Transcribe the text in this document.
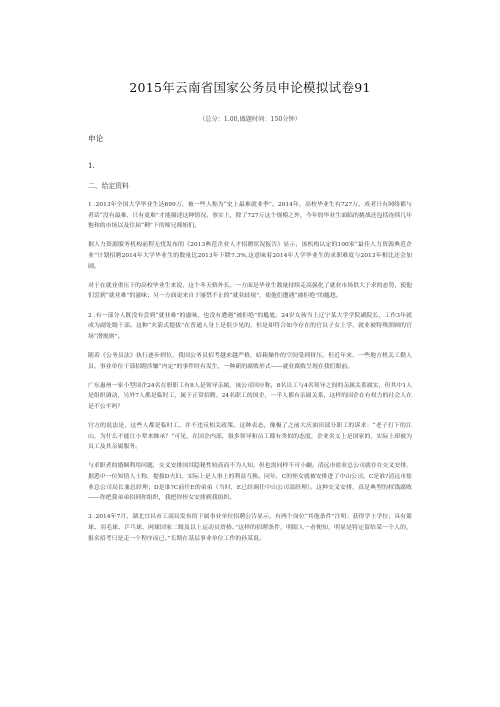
2015年云南省国家公务员申论模拟试卷91
（总分：1.00,做题时间：150分钟）
申论
1.
二、给定资料

1 .2013年全国大学毕业生达699万，被一些人称为“史上最难就业季”。2014年，高校毕业生有727万，成者只有网络都与者话“没有最难，只有更难”才能描述这种情况。事实上，除了727万这个规模之外，今年的毕业生面临的挑战还包括连续几年饱和的市场以及往届“剩”下的师兄师姐们。

据人力资源服务机构前程无忧发布的《2013典范企业人才招聘状况报告》显示，该机构认定的100家“最佳人力资源典范企业”计划招聘2014年大学毕业生的数量比2013年下降7.3%,这意味着2014年大学毕业生的求职难度与2013年相比还会加剧。

对于在就业重压下的高校毕业生来说，这个冬天格外长。一方面是毕业生数量持续走高强化了就业市场供大于求的态势，使他们尝到“就业难”的滋味；另一方面更来自于屡禁不止的“就业歧视”，使他们遭遇“被拒绝”的尴尬。

2 .有一部分人既没有尝到“就业难”的滋味，也没有遭遇“被拒绝”的尴尬。24岁女孩当上辽宁某大学学院副院长，工作3年就成为副处级干部。这种“火箭式提拔”在普通人身上是很少见的，但是却符合如今存在的官员子女上学、就业被特殊照顾的官场“潜规则”。

随着《公务员法》执行逐步到位，我国公务员招考越来越严格，暗箱操作的空间受到挤压。但近年来，一些地方机关工勤人员、事业单位干部招聘涉嫌“内定”的事件时有发生，一种新的腐败形式——就业腐败呈现在我们眼前。

广东惠州一家小型国企24名在册职工有8人是领导亲属，该公司回应称，8名员工与4名领导之间的亲属关系属实，但其中1人是组织调动，另外7人都是临时工，属于正常招聘。24名职工的国企，一半人都有亲属关系，这样的国企在有权力的社会人在是不公平吗？

官方的说法是，这些人都是临时工，并不违反相关政策。这种表态，像极了之前大庆油田部分职工的诉求：“老子打下的江山，为什么不能让小辈来继承？”可见，在国企内部，很多领导和员工都有类似的态度，企业名义上是国家的，实际上却被为员工及其亲属服务。

与求职者的婚姻利用问题，交叉安排国其隐秘性较高而不为人知，但也需同样不可小觑。清远市盐业总公司就存在交叉安排，据悉中一位知情人士称，提拔D夫妇，实际上是人事上的利益互换。同年，C的侄女就被安排进了中山公司。C是谁?清远市盐业总公司局长兼总经理；D是谁?C前任E的弟弟（当时，E已经调任中山公司部经理）。这种交叉安排，真是典型的权钱腐败——你把我弟弟招到你组织，我把你侄女安排到我组织。

3 .2014年7月，湖北宜昌市工商局发布的下属事业单位招聘公告显示，有两个岗位“其他条件”注明：获得学士学位；具有篮球、羽毛球、乒乓球、网球国家二级及以上运动员资格。”这样的招聘条件，明眼人一看便知，明显是特定留给某一个人的，报名招考只是走一个程序而已。”长期在基层事业单位工作的孙某说。
